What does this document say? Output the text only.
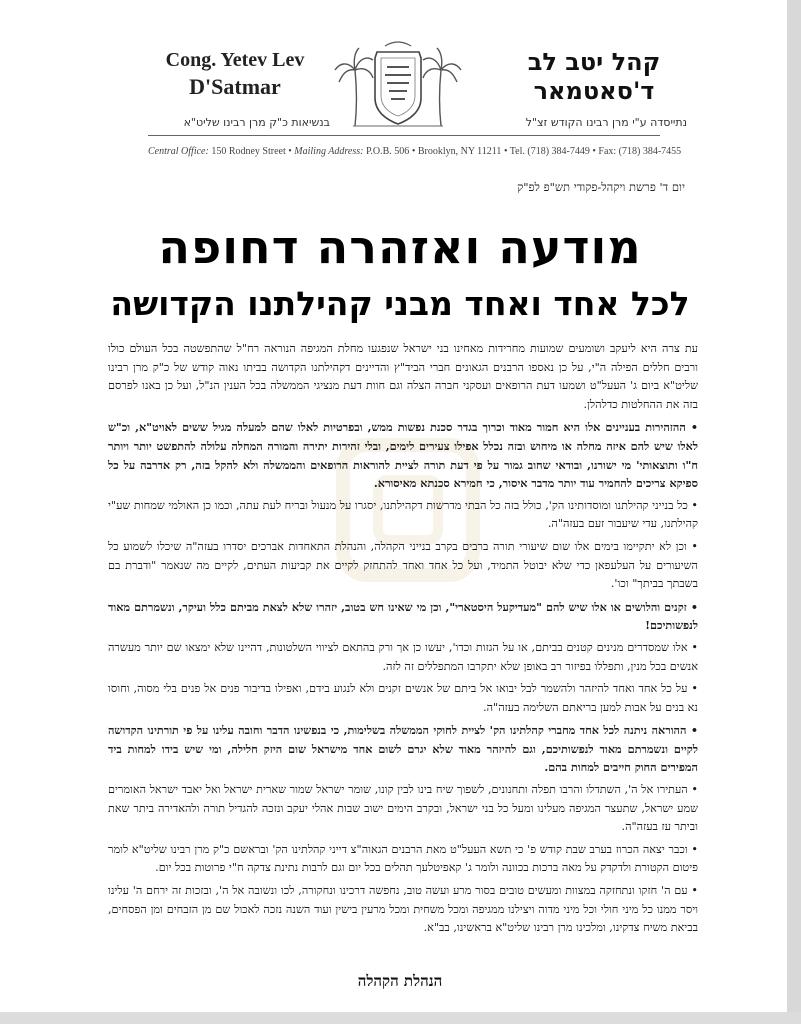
Cong. Yetev Lev
D'Satmar
קהל יטב לב
ד'סאטמאר
בנשיאות כ"ק מרן רבינו שליט"א	נתייסדה ע"י מרן רבינו הקודש זצ"ל
Central Office: 150 Rodney Street • Mailing Address: P.O.B. 506 • Brooklyn, NY 11211 • Tel. (718) 384-7449 • Fax: (718) 384-7455
יום ד' פרשת ויקהל-פקודי תש"פ לפ"ק
מודעה ואזהרה דחופה
לכל אחד ואחד מבני קהילתנו הקדושה

עת צרה היא ליעקב ושומעים שמועות מחרידות מאחינו בני ישראל שנפגעו מחלת המגיפה הנוראה רח"ל שהתפשטה בכל העולם כולו ורבים חללים הפילה ה"י, על כן נאספו הרבנים הגאונים חברי הביד"ץ והדיינים דקהילתנו הקדושה בביתו נאוה קודש של כ"ק מרן רבינו שליט"א ביום ג' העעל"ט ושמעו דעת הרופאים ועסקני חברה הצלה וגם חוות דעת מנציגי הממשלה בכל הענין הנ"ל, ועל כן באנו לפרסם בזה את ההחלטות כדלהלן.

• ההזהירות בעניינים אלו היא חמור מאוד וכרוך בגדר סכנת נפשות ממש, ובפרטיות לאלו שהם למעלה מגיל ששים לאויט"א, וכ"ש לאלו שיש להם איזה מחלה או מיחוש ובזה נכלל אפילו צעירים לימים, ובלי זהירות יתירה והמורה המחלה עלולה להתפשט יותר ויותר ח"ו ותוצאותי' מי ישורנו, ובודאי שחוב גמור על פי דעת תורה לציית להוראות הרופאים והממשלה ולא להקל בזה, רק אדרבה על כל ספיקא צריכים להחמיר עוד יותר מדבר איסור, כי חמירא סכנתא מאיסורא.

• כל בנייני קהילתנו ומוסדותינו הק', כולל בזה כל הבתי מדרשות דקהילתנו, יסגרו על מנעול ובריח לעת עתה, וכמו כן האולמי שמחות שע"י קהילתנו, עדי שיעבור זעם בעזה"ה.

• וכן לא יתקיימו בימים אלו שום שיעורי תורה ברבים בקרב בנייני הקהלה, והנהלת התאחדות אברכים יסדרו בעזה"ה שיכלו לשמוע כל השיעורים על העלעפאן כדי שלא יבוטל התמיד, ועל כל אחד ואחד להתחזק לקיים את קביעות העתים, לקיים מה שנאמר "ודברת בם בשבתך בביתך" וכו'.

• זקנים והלושים או אלו שיש להם "מעדיקעל היסטארי", וכן מי שאינו חש בטוב, יזהרו שלא לצאת מביתם כלל ועיקר, ונשמרתם מאוד לנפשותיכם!

• אלו שמסדרים מנינים קטנים בביתם, או על הגזות וכדו', יעשו כן אך ורק בהתאם לציווי השלטונות, דהיינו שלא ימצאו שם יותר מעשרה אנשים בכל מנין, ותפללו בפיזור רב באופן שלא יתקרבו המתפללים זה לזה.

• על כל אחד ואחד להיזהר ולהשמר לבל יבואו אל ביתם של אנשים זקנים ולא לנגוע בידם, ואפילו בדיבור פנים אל פנים בלי מסוה, וחוסו נא בנים על אבות למען בריאתם השלימה בעזה"ה.

• ההוראה ניתנה לכל אחד מחברי קהלתינו הק' לציית לחוקי הממשלה בשלימות, כי בנפשינו הדבר וחובה עלינו על פי תורתינו הקדושה לקיים ונשמרתם מאוד לנפשותיכם, וגם להיזהר מאוד שלא יגרם לשום אחד מישראל שום היזק חלילה, ומי שיש בידו למחות ביד המפירים החוק חייבים למחות בהם.

• העתירו אל ה', השתדלו והרבו תפלה ותחנונים, לשפוך שיח בינו לבין קונו, שומר ישראל שמור שארית ישראל ואל יאבד ישראל האומרים שמע ישראל, שתעצר המגיפה מעלינו ומעל כל בני ישראל, ובקרב הימים ישוב שבות אהלי יעקב ונזכה להגדיל תורה ולהאדירה ביתר שאת וביתר עז בעזה"ה.

• וכבר יצאה הכרוז בערב שבת קודש פ' כי תשא העעל"ט מאת הרבנים הגאוה"צ דייני קהלתינו הק' ובראשם כ"ק מרן רבינו שליט"א לומר פיטום הקטורת ולדקדק על מאה ברכות בכוונה ולומר ג' קאפיטלעך תהלים בכל יום וגם לרבות נתינת צדקה ח"י פרוטות בכל יום.

• עם ה' חזקו ונתחזקה במצוות ומעשים טובים בסור מרע ועשה טוב, נחפשה דרכינו ונחקורה, לכו ונשובה אל ה', ובזכות זה ירחם ה' עלינו ויסר ממנו כל מיני חולי וכל מיני מדוה ויצילנו ממגיפה ומכל משחית ומכל מרעין בישין ועוד השנה נזכה לאכול שם מן הזבחים ומן הפסחים, בביאת משיח צדקינו, ומלכינו מרן רבינו שליט"א בראשינו, בב"א.

הנהלת הקהלה
